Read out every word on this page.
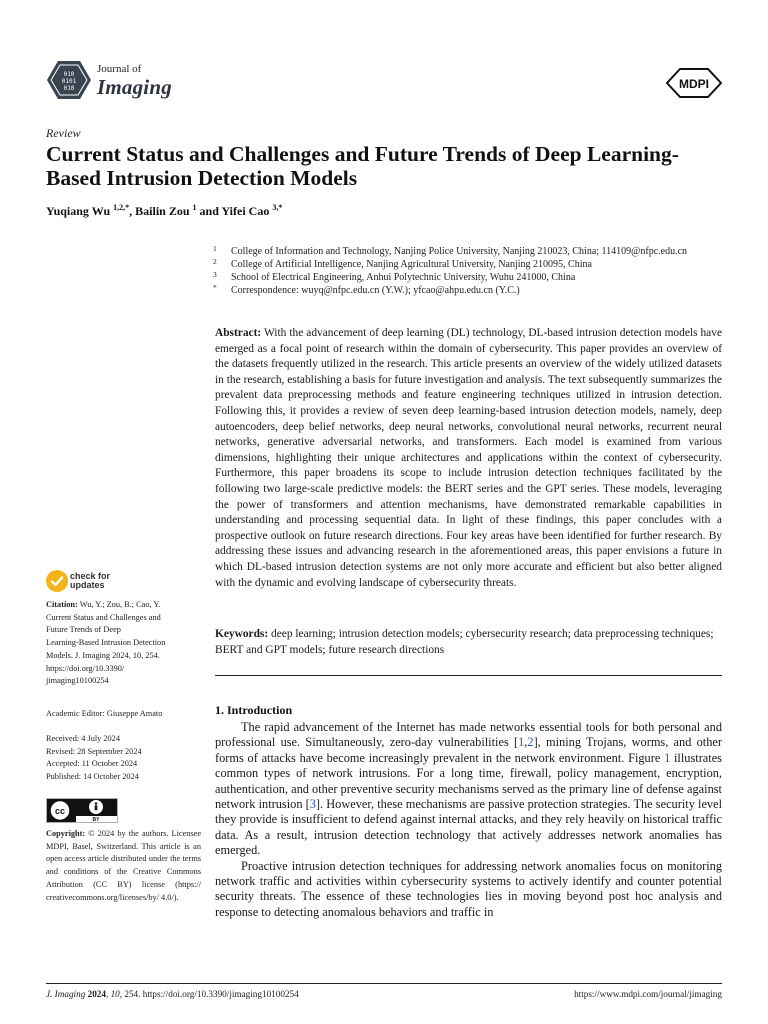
010
0101
010
Journal of
Imaging	MDPI
Review
Current Status and Challenges and Future Trends of Deep Learning-Based Intrusion Detection Models
Yuqiang Wu $^{1,2,*}$, Bailin Zou $^1$ and Yifei Cao $^{3,*}$
1 College of Information and Technology, Nanjing Police University, Nanjing 210023, China; 114109@nfpc.edu.cn
2 College of Artificial Intelligence, Nanjing Agricultural University, Nanjing 210095, China
3 School of Electrical Engineering, Anhui Polytechnic University, Wuhu 241000, China
* Correspondence: wuyq@nfpc.edu.cn (Y.W.); yfcao@ahpu.edu.cn (Y.C.)
Abstract: With the advancement of deep learning (DL) technology, DL-based intrusion detection models have emerged as a focal point of research within the domain of cybersecurity. This paper provides an overview of the datasets frequently utilized in the research. This article presents an overview of the widely utilized datasets in the research, establishing a basis for future investigation and analysis. The text subsequently summarizes the prevalent data preprocessing methods and feature engineering techniques utilized in intrusion detection. Following this, it provides a review of seven deep learning-based intrusion detection models, namely, deep autoencoders, deep belief networks, deep neural networks, convolutional neural networks, recurrent neural networks, generative adversarial networks, and transformers. Each model is examined from various dimensions, highlighting their unique architectures and applications within the context of cybersecurity. Furthermore, this paper broadens its scope to include intrusion detection techniques facilitated by the following two large-scale predictive models: the BERT series and the GPT series. These models, leveraging the power of transformers and attention mechanisms, have demonstrated remarkable capabilities in understanding and processing sequential data. In light of these findings, this paper concludes with a prospective outlook on future research directions. Four key areas have been identified for further research. By addressing these issues and advancing research in the aforementioned areas, this paper envisions a future in which DL-based intrusion detection systems are not only more accurate and efficient but also better aligned with the dynamic and evolving landscape of cybersecurity threats.
Keywords: deep learning; intrusion detection models; cybersecurity research; data preprocessing techniques; BERT and GPT models; future research directions
1. Introduction

The rapid advancement of the Internet has made networks essential tools for both personal and professional use. Simultaneously, zero-day vulnerabilities [1,2], mining Trojans, worms, and other forms of attacks have become increasingly prevalent in the network environment. Figure 1 illustrates common types of network intrusions. For a long time, firewall, policy management, encryption, authentication, and other preventive security mechanisms served as the primary line of defense against network intrusion [3]. However, these mechanisms are passive protection strategies. The security level they provide is insufficient to defend against internal attacks, and they rely heavily on historical traffic data. As a result, intrusion detection technology that actively addresses network anomalies has emerged.

Proactive intrusion detection techniques for addressing network anomalies focus on monitoring network traffic and activities within cybersecurity systems to actively identify and counter potential security threats. The essence of these technologies lies in moving beyond post hoc analysis and response to detecting anomalous behaviors and traffic in

check for
updates
Citation: Wu, Y.; Zou, B.; Cao, Y.
Current Status and Challenges and
Future Trends of Deep
Learning-Based Intrusion Detection
Models. J. Imaging 2024, 10, 254.
https://doi.org/10.3390/
jimaging10100254
Academic Editor: Giuseppe Amato
Received: 4 July 2024
Revised: 28 September 2024
Accepted: 11 October 2024
Published: 14 October 2024
cc
BY
Copyright: © 2024 by the authors. Licensee MDPI, Basel, Switzerland. This article is an open access article distributed under the terms and conditions of the Creative Commons Attribution (CC BY) license (https:// creativecommons.org/licenses/by/ 4.0/).
J. Imaging 2024, 10, 254. https://doi.org/10.3390/jimaging10100254	https://www.mdpi.com/journal/jimaging
